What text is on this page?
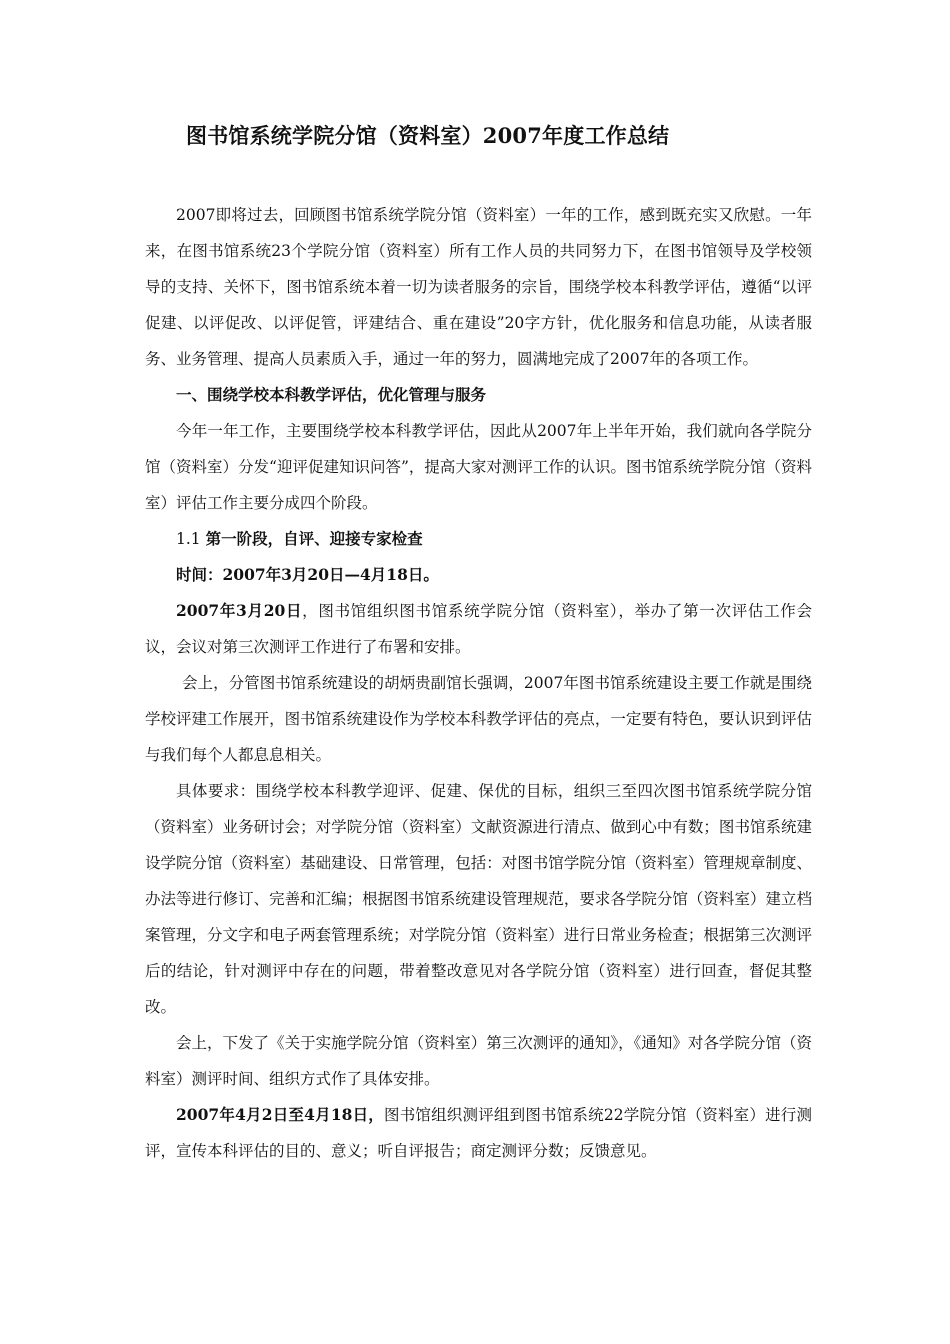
图书馆系统学院分馆（资料室）2007年度工作总结

2007即将过去，回顾图书馆系统学院分馆（资料室）一年的工作，感到既充实又欣慰。一年来，在图书馆系统23个学院分馆（资料室）所有工作人员的共同努力下，在图书馆领导及学校领导的支持、关怀下，图书馆系统本着一切为读者服务的宗旨，围绕学校本科教学评估，遵循“以评促建、以评促改、以评促管，评建结合、重在建设”20字方针，优化服务和信息功能，从读者服务、业务管理、提高人员素质入手，通过一年的努力，圆满地完成了2007年的各项工作。

一、围绕学校本科教学评估，优化管理与服务

今年一年工作，主要围绕学校本科教学评估，因此从2007年上半年开始，我们就向各学院分馆（资料室）分发“迎评促建知识问答”，提高大家对测评工作的认识。图书馆系统学院分馆（资料室）评估工作主要分成四个阶段。

1.1 第一阶段，自评、迎接专家检查

时间：2007年3月20日—4月18日。

2007年3月20日，图书馆组织图书馆系统学院分馆（资料室），举办了第一次评估工作会议，会议对第三次测评工作进行了布署和安排。

会上，分管图书馆系统建设的胡炳贵副馆长强调，2007年图书馆系统建设主要工作就是围绕学校评建工作展开，图书馆系统建设作为学校本科教学评估的亮点，一定要有特色，要认识到评估与我们每个人都息息相关。

具体要求：围绕学校本科教学迎评、促建、保优的目标，组织三至四次图书馆系统学院分馆（资料室）业务研讨会；对学院分馆（资料室）文献资源进行清点、做到心中有数；图书馆系统建设学院分馆（资料室）基础建设、日常管理，包括：对图书馆学院分馆（资料室）管理规章制度、办法等进行修订、完善和汇编；根据图书馆系统建设管理规范，要求各学院分馆（资料室）建立档案管理，分文字和电子两套管理系统；对学院分馆（资料室）进行日常业务检查；根据第三次测评后的结论，针对测评中存在的问题，带着整改意见对各学院分馆（资料室）进行回查，督促其整改。

会上，下发了《关于实施学院分馆（资料室）第三次测评的通知》，《通知》对各学院分馆（资料室）测评时间、组织方式作了具体安排。

2007年4月2日至4月18日，图书馆组织测评组到图书馆系统22学院分馆（资料室）进行测评，宣传本科评估的目的、意义；听自评报告；商定测评分数；反馈意见。
